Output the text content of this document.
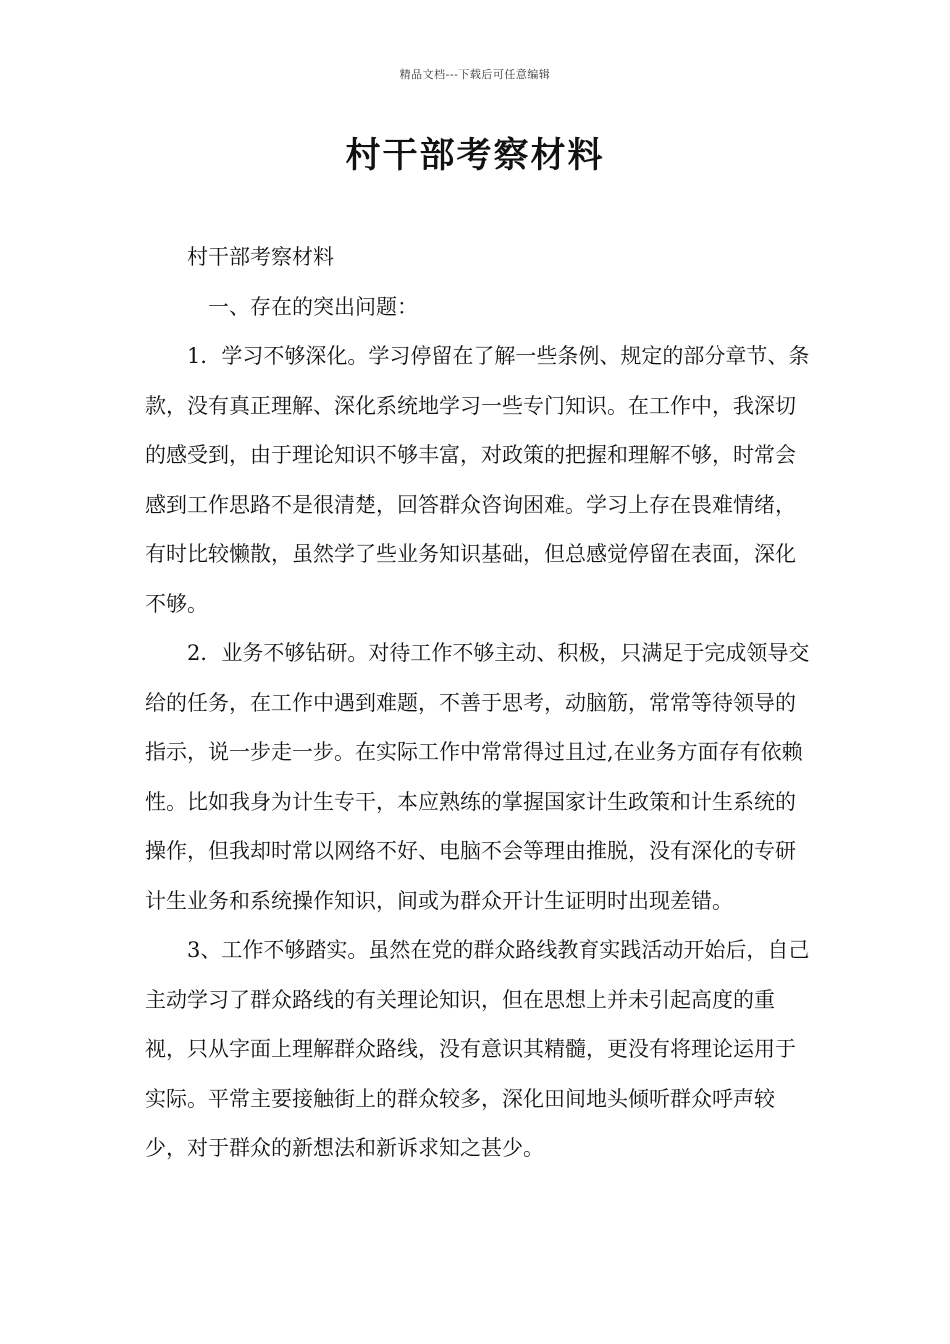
精品文档---下载后可任意编辑
村干部考察材料

村干部考察材料

一、存在的突出问题：

1．学习不够深化。学习停留在了解一些条例、规定的部分章节、条款，没有真正理解、深化系统地学习一些专门知识。在工作中，我深切的感受到，由于理论知识不够丰富，对政策的把握和理解不够，时常会感到工作思路不是很清楚，回答群众咨询困难。学习上存在畏难情绪，有时比较懒散，虽然学了些业务知识基础，但总感觉停留在表面，深化不够。

2．业务不够钻研。对待工作不够主动、积极，只满足于完成领导交给的任务，在工作中遇到难题，不善于思考，动脑筋，常常等待领导的指示，说一步走一步。在实际工作中常常得过且过,在业务方面存有依赖性。比如我身为计生专干，本应熟练的掌握国家计生政策和计生系统的操作，但我却时常以网络不好、电脑不会等理由推脱，没有深化的专研计生业务和系统操作知识，间或为群众开计生证明时出现差错。

3、工作不够踏实。虽然在党的群众路线教育实践活动开始后，自己主动学习了群众路线的有关理论知识，但在思想上并未引起高度的重视，只从字面上理解群众路线，没有意识其精髓，更没有将理论运用于实际。平常主要接触街上的群众较多，深化田间地头倾听群众呼声较少，对于群众的新想法和新诉求知之甚少。
